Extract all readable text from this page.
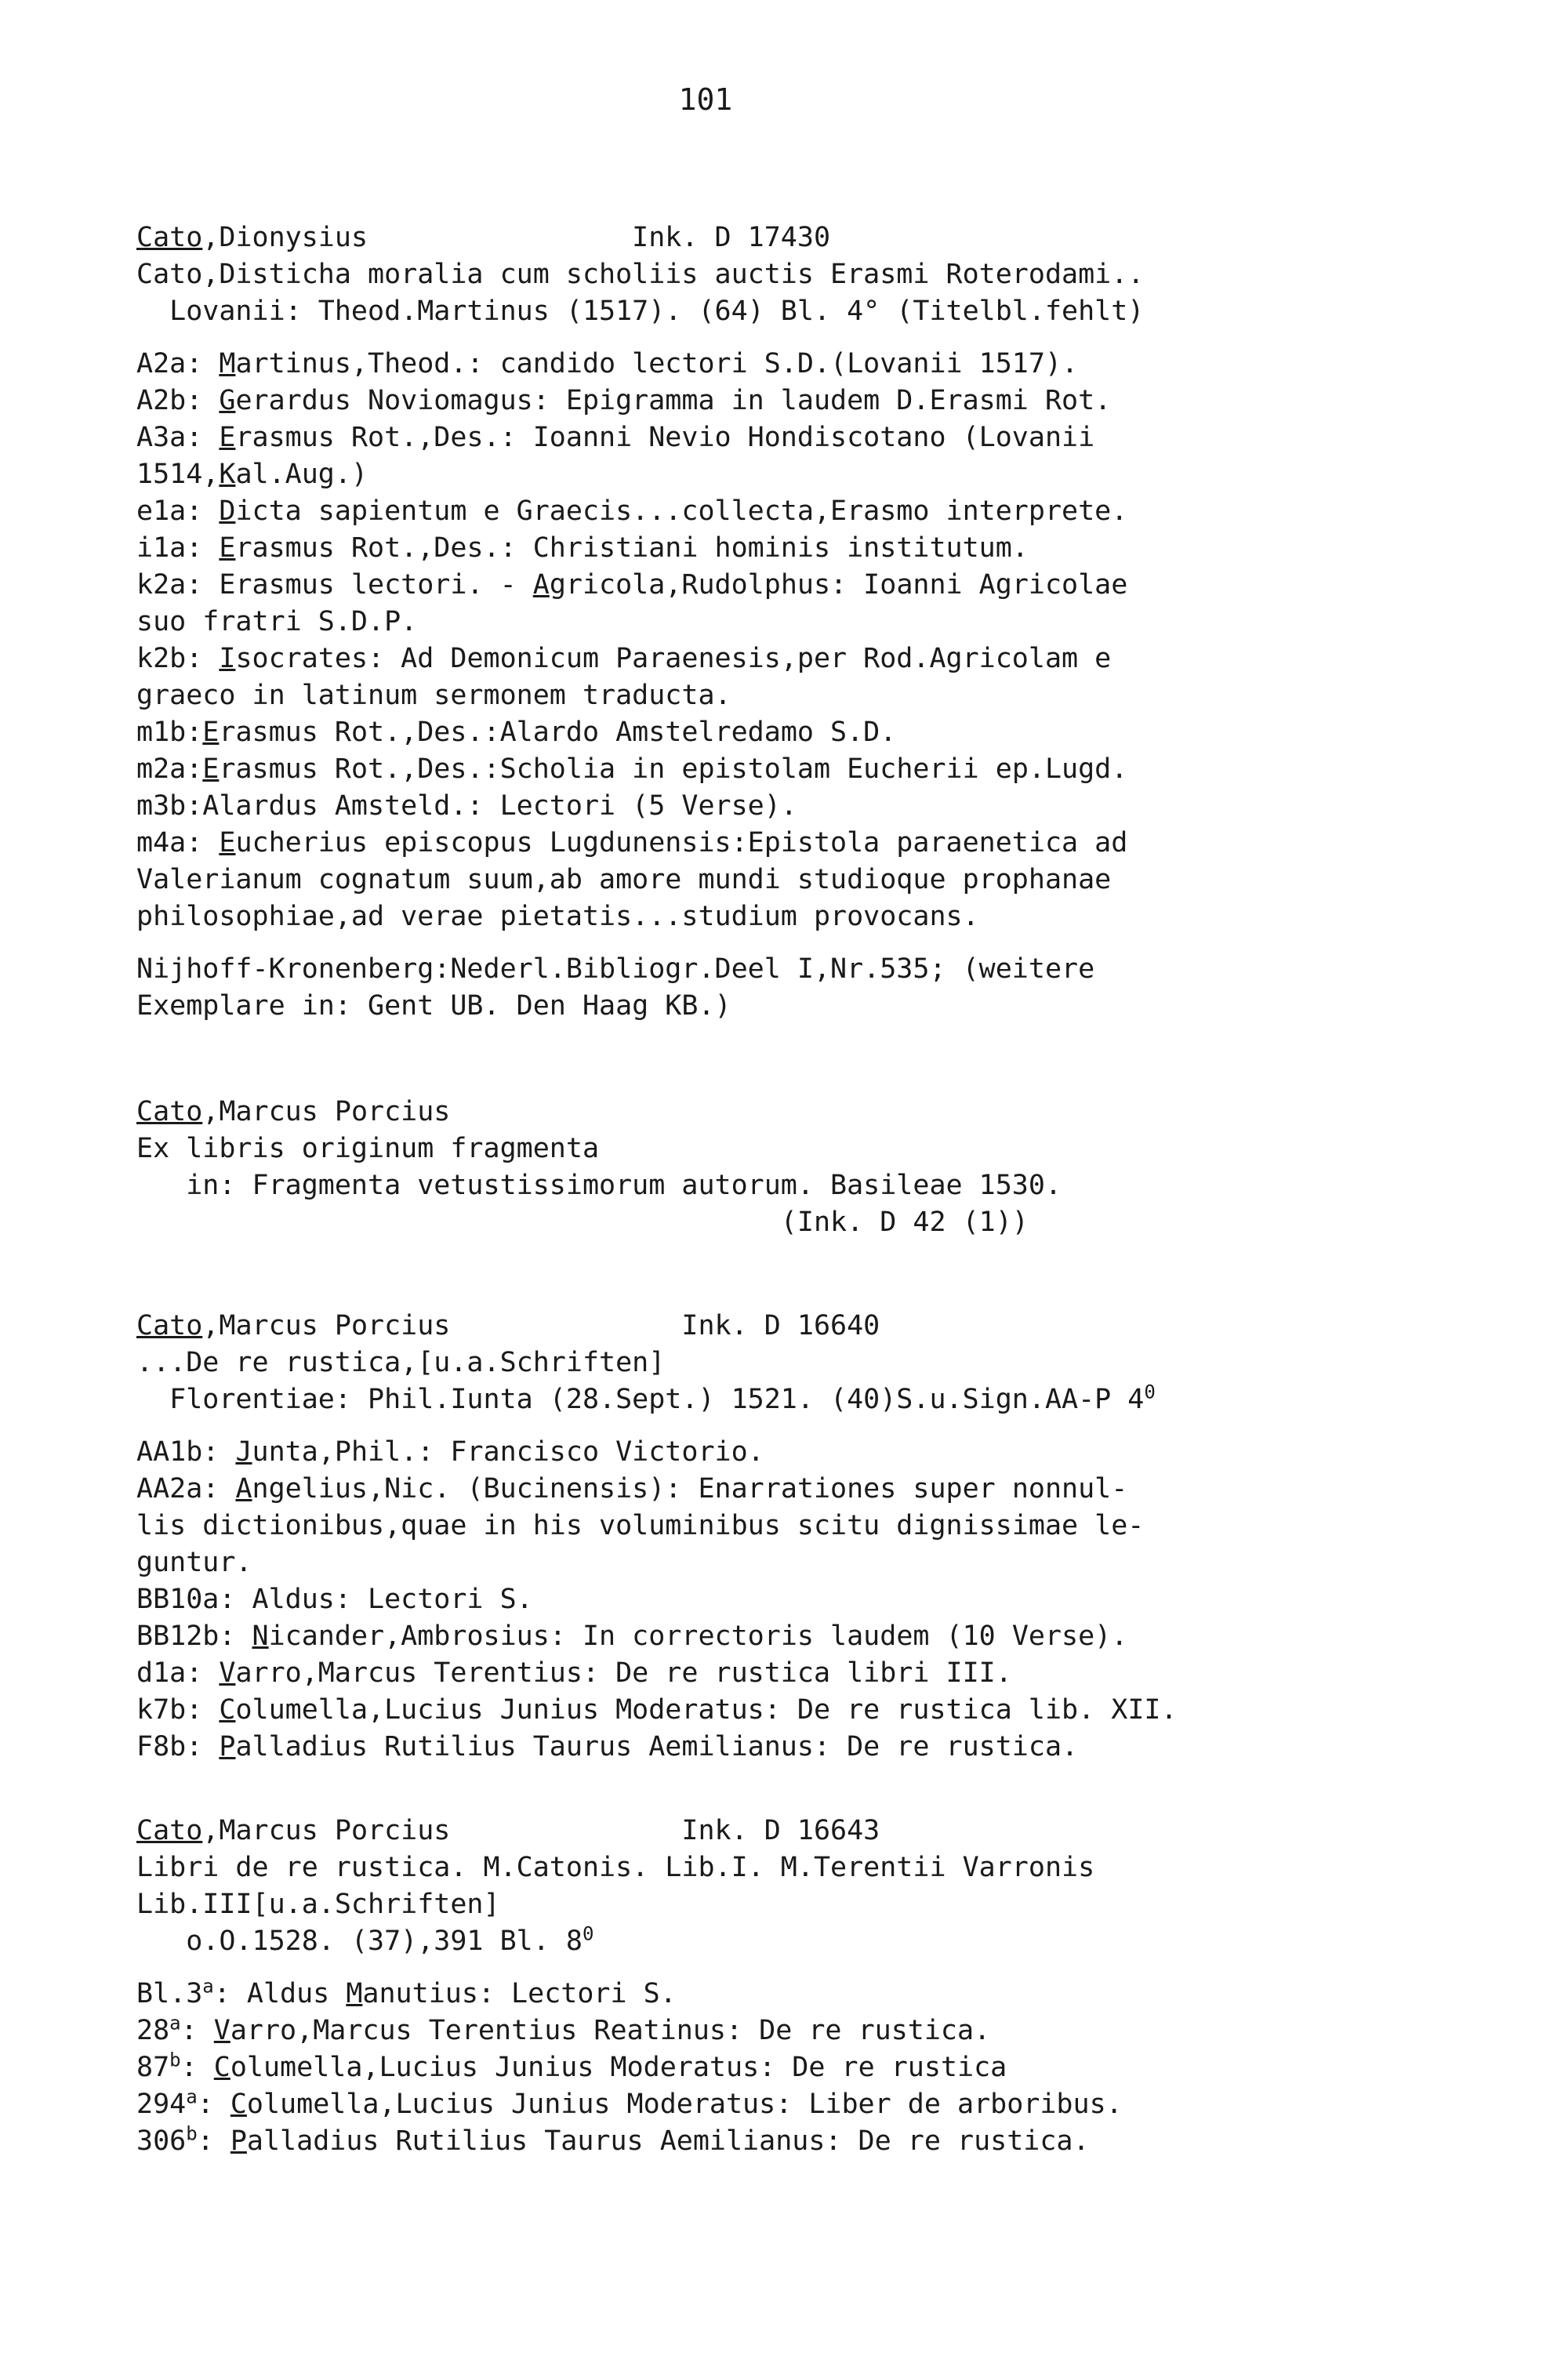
101
Cato,Dionysius                Ink. D 17430
Cato,Disticha moralia cum scholiis auctis Erasmi Roterodami..
Lovanii: Theod.Martinus (1517). (64) Bl. 4° (Titelbl.fehlt)
A2a: Martinus,Theod.: candido lectori S.D.(Lovanii 1517).
A2b: Gerardus Noviomagus: Epigramma in laudem D.Erasmi Rot.
A3a: Erasmus Rot.,Des.: Ioanni Nevio Hondiscotano (Lovanii
1514,Kal.Aug.)
e1a: Dicta sapientum e Graecis...collecta,Erasmo interprete.
i1a: Erasmus Rot.,Des.: Christiani hominis institutum.
k2a: Erasmus lectori. - Agricola,Rudolphus: Ioanni Agricolae
suo fratri S.D.P.
k2b: Isocrates: Ad Demonicum Paraenesis,per Rod.Agricolam e
graeco in latinum sermonem traducta.
m1b:Erasmus Rot.,Des.:Alardo Amstelredamo S.D.
m2a:Erasmus Rot.,Des.:Scholia in epistolam Eucherii ep.Lugd.
m3b:Alardus Amsteld.: Lectori (5 Verse).
m4a: Eucherius episcopus Lugdunensis:Epistola paraenetica ad
Valerianum cognatum suum,ab amore mundi studioque prophanae
philosophiae,ad verae pietatis...studium provocans.
Nijhoff-Kronenberg:Nederl.Bibliogr.Deel I,Nr.535; (weitere
Exemplare in: Gent UB. Den Haag KB.)
Cato,Marcus Porcius
Ex libris originum fragmenta
in: Fragmenta vetustissimorum autorum. Basileae 1530.
(Ink. D 42 (1))
Cato,Marcus Porcius              Ink. D 16640
...De re rustica,[u.a.Schriften]
Florentiae: Phil.Iunta (28.Sept.) 1521. (40)S.u.Sign.AA-P $4^0$
AA1b: Junta,Phil.: Francisco Victorio.
AA2a: Angelius,Nic. (Bucinensis): Enarrationes super nonnul-
lis dictionibus,quae in his voluminibus scitu dignissimae le-
guntur.
BB10a: Aldus: Lectori S.
BB12b: Nicander,Ambrosius: In correctoris laudem (10 Verse).
d1a: Varro,Marcus Terentius: De re rustica libri III.
k7b: Columella,Lucius Junius Moderatus: De re rustica lib. XII.
F8b: Palladius Rutilius Taurus Aemilianus: De re rustica.
Cato,Marcus Porcius              Ink. D 16643
Libri de re rustica. M.Catonis. Lib.I. M.Terentii Varronis
Lib.III[u.a.Schriften]
o.O.1528. (37),391 Bl. $8^0$
Bl.3$^a$: Aldus Manutius: Lectori S.
28$^a$: Varro,Marcus Terentius Reatinus: De re rustica.
87$^b$: Columella,Lucius Junius Moderatus: De re rustica
294$^a$: Columella,Lucius Junius Moderatus: Liber de arboribus.
306$^b$: Palladius Rutilius Taurus Aemilianus: De re rustica.
